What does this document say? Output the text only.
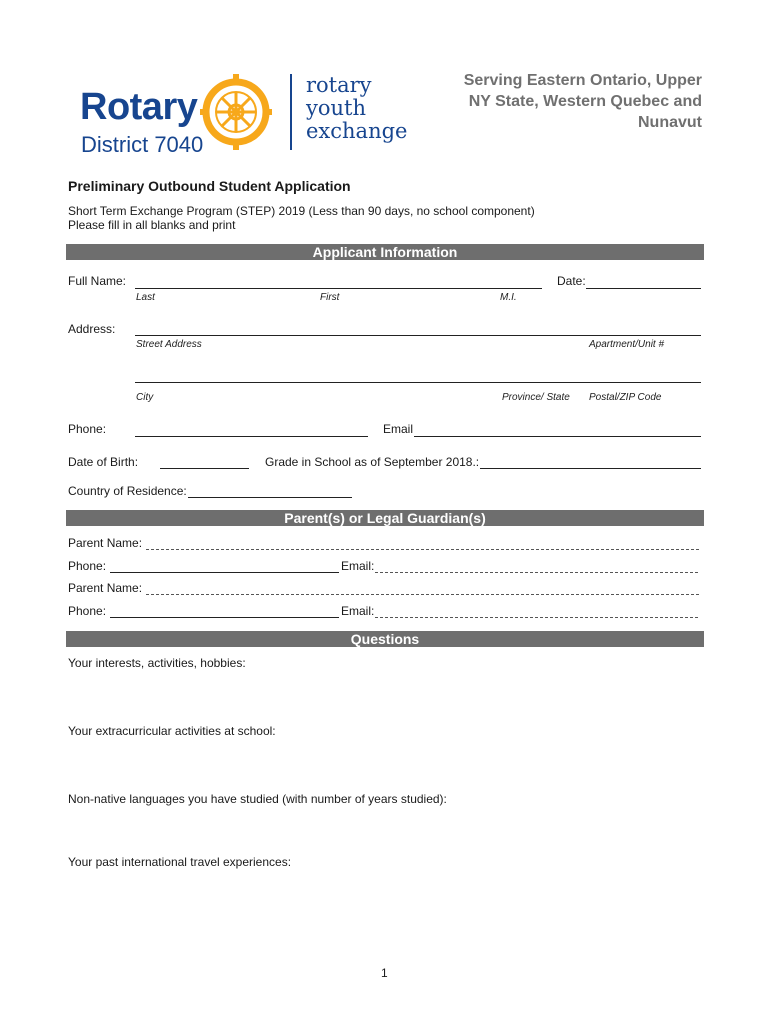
Rotary
District 7040
rotary
youth
exchange
Serving Eastern Ontario, Upper
NY State, Western Quebec and
Nunavut
Preliminary Outbound Student Application
Short Term Exchange Program (STEP) 2019 (Less than 90 days, no school component)
Please fill in all blanks and print
Applicant Information
Full Name:	Date:
Last	First	M.I.
Address:
Street Address	Apartment/Unit #
City	Province/ State Postal/ZIP Code
Phone:	Email
Date of Birth:	Grade in School as of September 2018.:
Country of Residence:
Parent(s) or Legal Guardian(s)
Parent Name:
Phone:	Email:
Parent Name:
Phone:	Email:
Questions
Your interests, activities, hobbies:
Your extracurricular activities at school:
Non-native languages you have studied (with number of years studied):
Your past international travel experiences:
1
